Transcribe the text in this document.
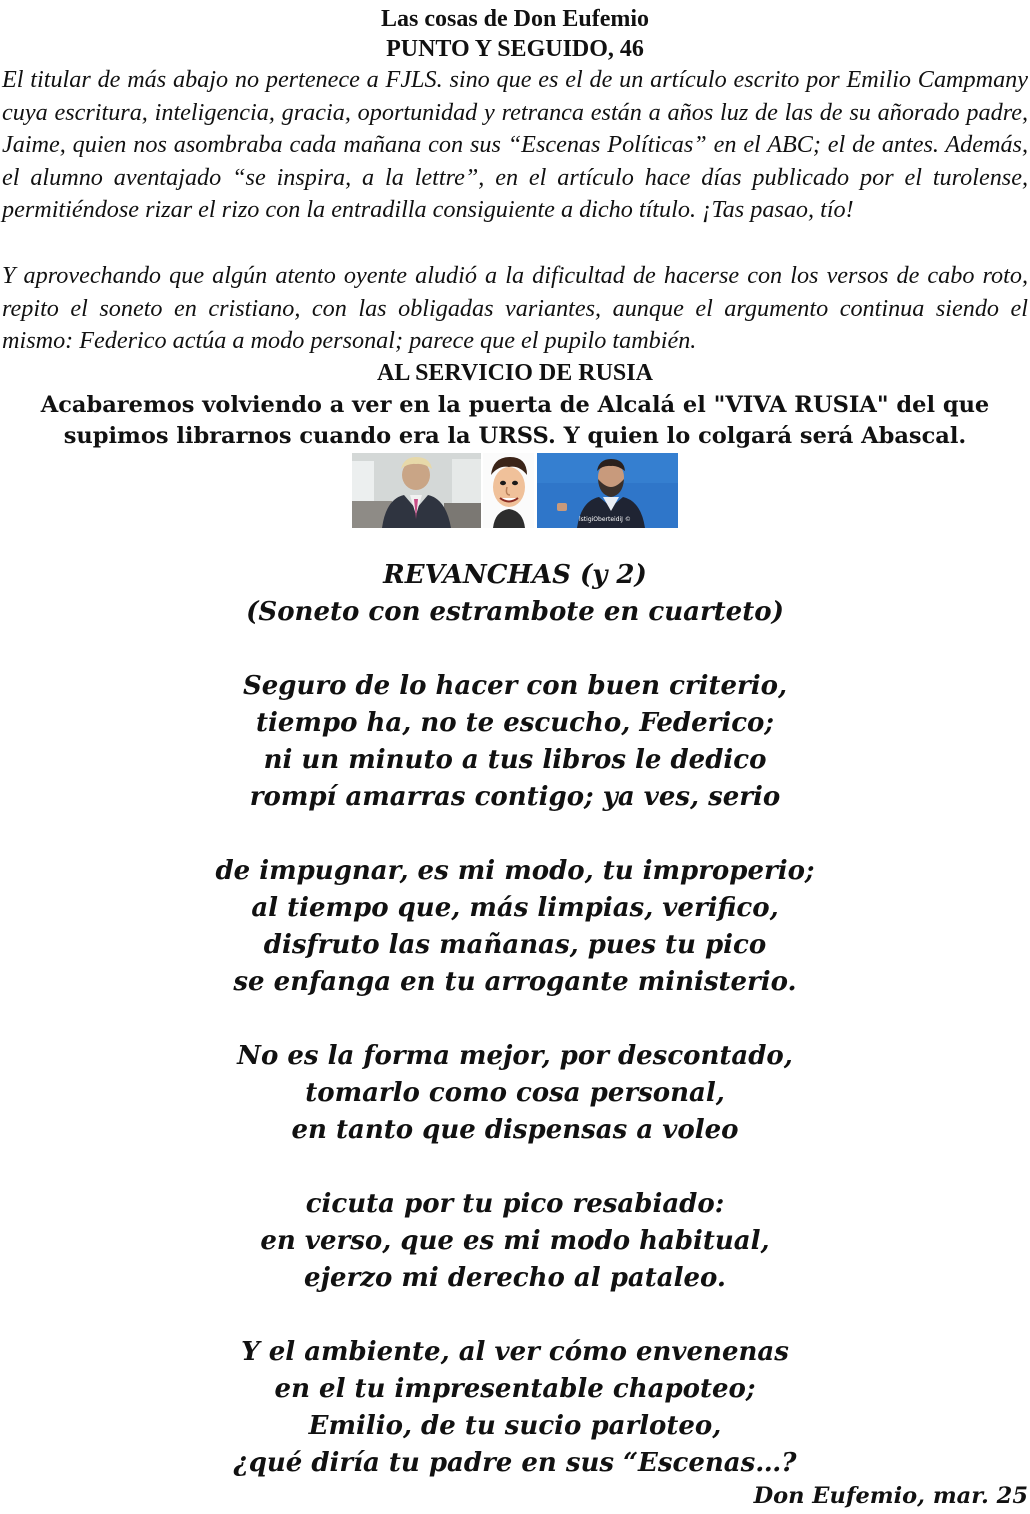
Las cosas de Don Eufemio
PUNTO Y SEGUIDO, 46

El titular de más abajo no pertenece a FJLS. sino que es el de un artículo escrito por Emilio Campmany cuya escritura, inteligencia, gracia, oportunidad y retranca están a años luz de las de su añorado padre, Jaime, quien nos asombraba cada mañana con sus “Escenas Políticas” en el ABC; el de antes. Además, el alumno aventajado “se inspira, a la lettre”, en el artículo hace días publicado por el turolense, permitiéndose rizar el rizo con la entradilla consiguiente a dicho título. ¡Tas pasao, tío!

Y aprovechando que algún atento oyente aludió a la dificultad de hacerse con los versos de cabo roto, repito el soneto en cristiano, con las obligadas variantes, aunque el argumento continua siendo el mismo: Federico actúa a modo personal; parece que el pupilo también.

AL SERVICIO DE RUSIA
Acabaremos volviendo a ver en la puerta de Alcalá el "VIVA RUSIA" del que supimos librarnos cuando era la URSS. Y quien lo colgará será Abascal.
lstigiOberteidiJ ©
REVANCHAS (y 2)
(Soneto con estrambote en cuarteto)
Seguro de lo hacer con buen criterio,
tiempo ha, no te escucho, Federico;
ni un minuto a tus libros le dedico
rompí amarras contigo; ya ves, serio
de impugnar, es mi modo, tu improperio;
al tiempo que, más limpias, verifico,
disfruto las mañanas, pues tu pico
se enfanga en tu arrogante ministerio.
No es la forma mejor, por descontado,
tomarlo como cosa personal,
en tanto que dispensas a voleo
cicuta por tu pico resabiado:
en verso, que es mi modo habitual,
ejerzo mi derecho al pataleo.
Y el ambiente, al ver cómo envenenas
en el tu impresentable chapoteo;
Emilio, de tu sucio parloteo,
¿qué diría tu padre en sus “Escenas…?
Don Eufemio, mar. 25
